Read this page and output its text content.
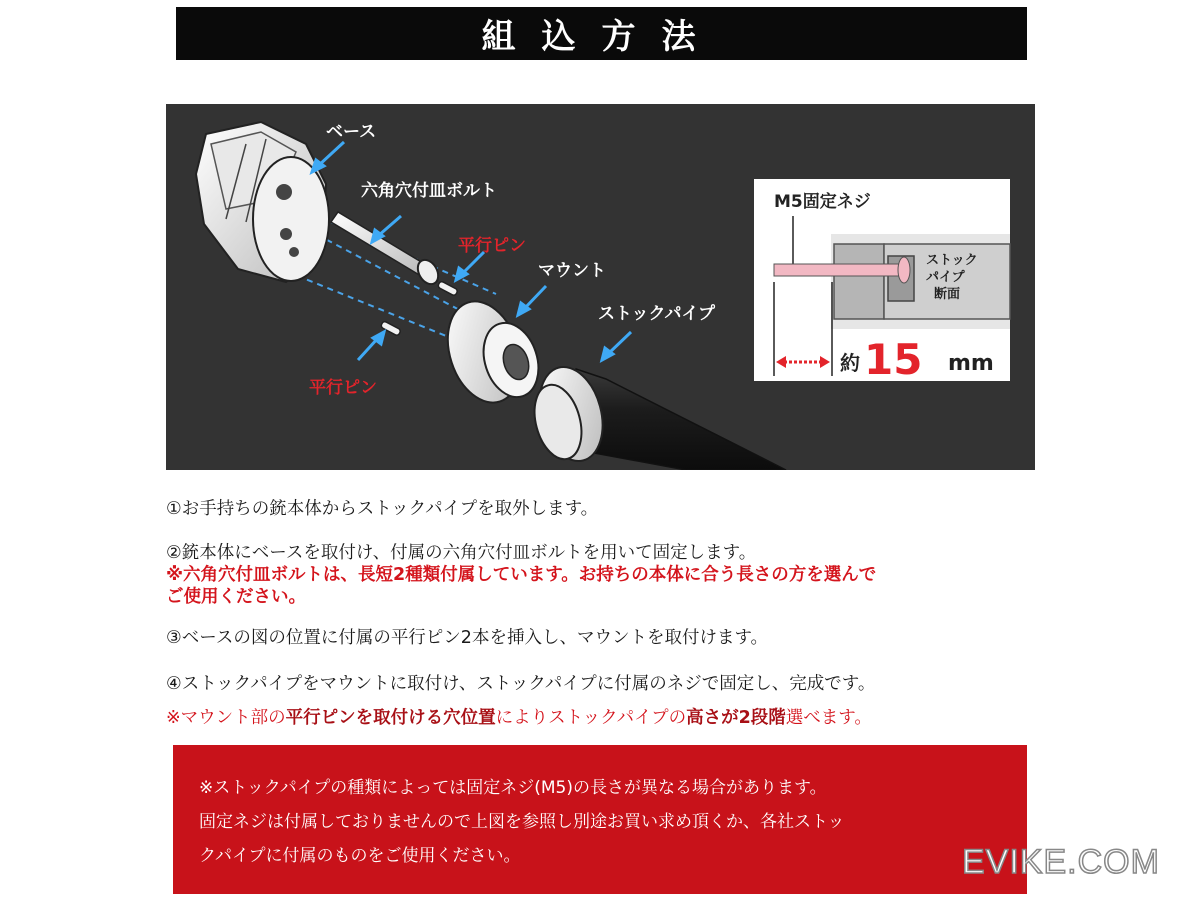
組込方法
ベース
六角穴付皿ボルト
平行ピン
マウント
ストックパイプ
平行ピン
M5固定ネジ
ストック
パイプ
断面
約 15 mm

①お手持ちの銃本体からストックパイプを取外します。

②銃本体にベースを取付け、付属の六角穴付皿ボルトを用いて固定します。

※六角穴付皿ボルトは、長短2種類付属しています。お持ちの本体に合う長さの方を選んで

ご使用ください。

③ベースの図の位置に付属の平行ピン2本を挿入し、マウントを取付けます。

④ストックパイプをマウントに取付け、ストックパイプに付属のネジで固定し、完成です。

※マウント部の平行ピンを取付ける穴位置によりストックパイプの高さが2段階選べます。

※ストックパイプの種類によっては固定ネジ(M5)の長さが異なる場合があります。

固定ネジは付属しておりませんので上図を参照し別途お買い求め頂くか、各社ストッ

クパイプに付属のものをご使用ください。	EVIKE.COM
